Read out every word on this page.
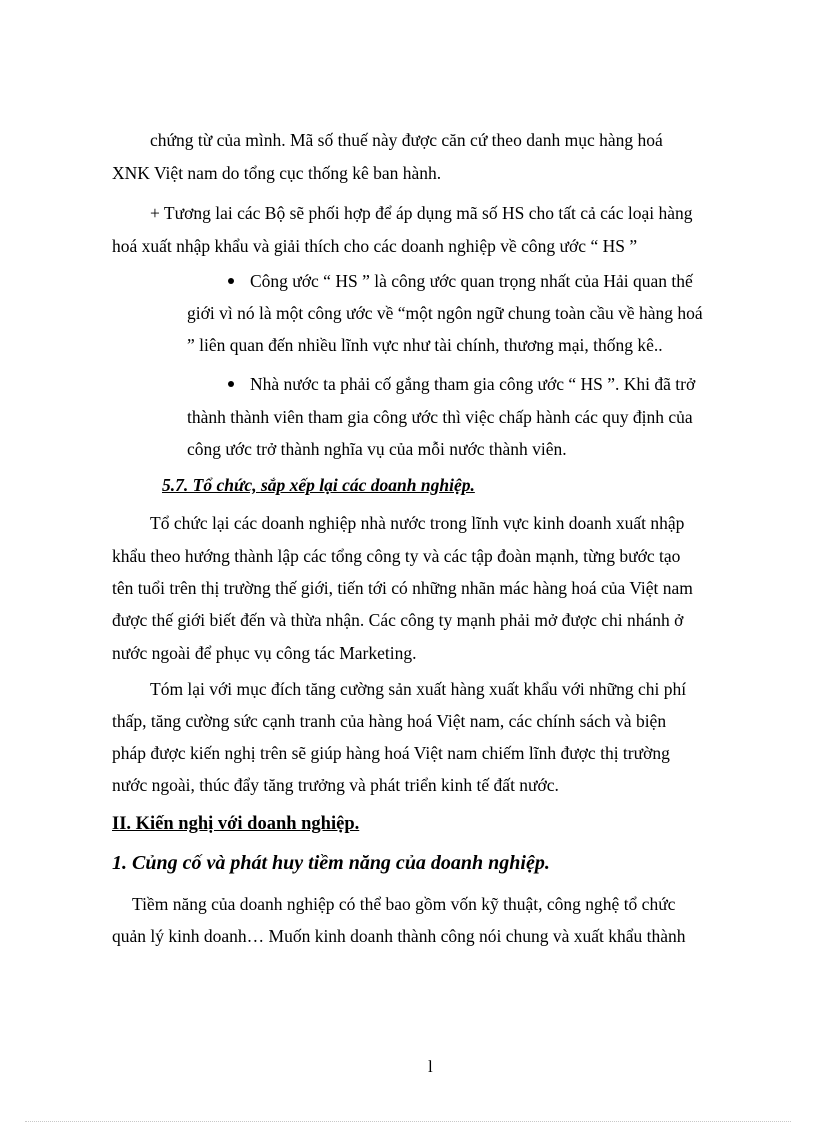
chứng từ của mình. Mã số thuế này được căn cứ theo danh mục hàng hoá
XNK Việt nam do tổng cục thống kê ban hành.
+ Tương lai các Bộ sẽ phối hợp để áp dụng mã số HS cho tất cả các loại hàng
hoá xuất nhập khẩu và giải thích cho các doanh nghiệp về công ước “ HS ”
Công ước “ HS ” là công ước quan trọng nhất của Hải quan thế
giới vì nó là một công ước về “một ngôn ngữ chung toàn cầu về hàng hoá
” liên quan đến nhiều lĩnh vực như tài chính, thương mại, thống kê..
Nhà nước ta phải cố gắng tham gia công ước “ HS ”. Khi đã trở
thành thành viên tham gia công ước thì việc chấp hành các quy định của
công ước trở thành nghĩa vụ của mỗi nước thành viên.
5.7. Tổ chức, sắp xếp lại các doanh nghiệp.
Tổ chức lại các doanh nghiệp nhà nước trong lĩnh vực kinh doanh xuất nhập
khẩu theo hướng thành lập các tổng công ty và các tập đoàn mạnh, từng bước tạo
tên tuổi trên thị trường thế giới, tiến tới có những nhãn mác hàng hoá của Việt nam
được thế giới biết đến và thừa nhận. Các công ty mạnh phải mở được chi nhánh ở
nước ngoài để phục vụ công tác Marketing.
Tóm lại với mục đích tăng cường sản xuất hàng xuất khẩu với những chi phí
thấp, tăng cường sức cạnh tranh của hàng hoá Việt nam, các chính sách và biện
pháp được kiến nghị trên sẽ giúp hàng hoá Việt nam chiếm lĩnh được thị trường
nước ngoài, thúc đẩy tăng trưởng và phát triển kinh tế đất nước.
II. Kiến nghị với doanh nghiệp.
1. Củng cố và phát huy tiềm năng của doanh nghiệp.
Tiềm năng của doanh nghiệp có thể bao gồm vốn kỹ thuật, công nghệ tổ chức
quản lý kinh doanh… Muốn kinh doanh thành công nói chung và xuất khẩu thành
l
